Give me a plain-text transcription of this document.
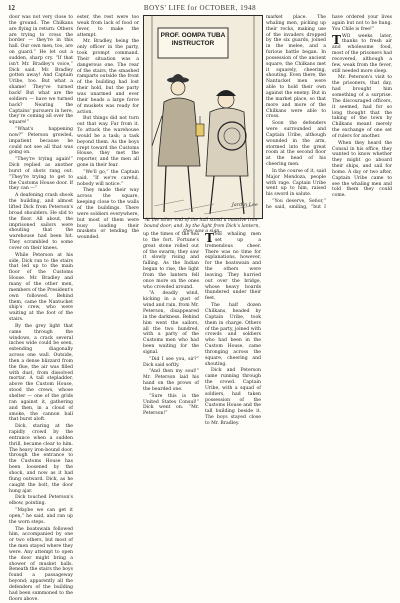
12	BOYS' LIFE for OCTOBER, 1948

door was not very close to the ground. The Chilkans are flying in return. Others are trying to cross the border — they're in this hall. Our own men, too, are on guard.” He let out a sudden, sharp cry. “If that isn't Mr. Bradley's voice,” Dick said. Mr. Bradley gotten away! And Captain Uribe, too. But what a shame! They've turned back! But what are the soldiers — have we turned back? Nearing the Captains' pursuers in here, they’re coming all over the square!”

“What's happening now?” Peterson growled, impatient because he could not see all that was going on.

“They're trying again!” Dick replied as another burst of shots rang out. “They're trying to get to the Customs House door. If they can —”

A deafening crash shook the building, and almost lifted Dick from Peterson's broad shoulders. He slid to the floor. All about, the imprisoned sailors were shouting that the warehouse had been hit. They scrambled to some cover on their knees.

While Peterson at his side, Dick ran to the stairs that led up to the main floor of the Customs House. Mr. Bradley and many of the other men, members of the President's own followed. Behind them, came the Nantucket ship's crew, who were waiting at the foot of the stairs.

By the grey light that came through the windows, a crack several inches wide could be seen, extending diagonally across one wall. Outside, then a dense blizzard from the flue, the air was filled with dust, from dissolved mortar. A tall stepladder, above the Custom House, stood the crews, whose shelter — one of the grids ran against it, gathering and then, in a cloud of smoke, the cannon ball that burst aloft.

Dick, staring at the rapidly crowd by the entrance when a sudden thrill, became clear to him. The heavy iron-bound door, through the entrance to the Customs House has been loosened by the shock, and now as it had flung outward. Dick, as he caught the bolt, the door hung ajar.

Dick touched Peterson's elbow, pointing.

“Maybe we can get it open,” he said, and ran up the worn steps.

The boatswain followed him, accompanied by one or two others, but most of the men stayed where they were. Any attempt to open the door might bring a shower of musket balls. Beneath the stairs the boys found a passageway beyond; apparently all the defenders of the building had been summoned to the floors above.

ester, the rest were too weak from lack of food or fever, to make the attempt.

Mr. Bradley, being the only officer in the party, took prompt command. Their situation was a dangerous one. The rear of the stairs, the smashed ramparts outside the front of the building had lost their hold, but the party was unarmed and ever their heads a large force of muskets was ready for action.

But things did not turn out that way. Far from it. To attack the warehouse would be a task; a task beyond them. As the boys crept toward the Customs House, they met the reporter, and the men all gone in their fear.

“We'll go,” the Captain said. “If we're careful, nobody will notice.”

They made their way across the square, keeping close to the walls of the buildings. There were soldiers everywhere, but most of them were busy loading their muskets or tending the wounded.

PROF. OOMPA TUBA INSTRUCTOR
Jardin Lee
At the other end of the hall stood a massive iron-bound door; and, by the light from Dick's lantern, they saw a sign.

up the times of the sea to the fort. Fortune's great stone rolled out of the swarm; they saw it slowly rising and falling. As the Indian began to rise, the light from the lantern fell once more on the ones who crowded around.

“A deadly wind, kicking in a gust of wind and rain, from Mr. Peterson, disappeared in the darkness. Behind him went the sailors, all the two hundred, with a party of the Customs men who had been waiting for the signal.

“Did I see you, sir?” Dick said softly.

“And then my soul!” Mr. Peterson laid his hand on the prows of the bearded one.

“Sure this is the United States Consul!” Dick went on. “Mr. Peterson!”

THE whaling men set up a tremendous cheer. There was no time for explanations, however, for the boatswain and the others were leaving. They hurried out over the bridge, whose heavy boards thundered under their feet.

The half dozen Chilkans, headed by Captain Uribe, took them in charge. Others of the party, joined with crowds and soldiers who had been in the Custom House, came thronging across the square, cheering and shouting.

Dick and Peterson came running through the crowd. Captain Uribe, with a squad of soldiers, had taken possession of the Customs House and the tall building beside it. The boys stayed close to Mr. Bradley.

market place. The whaling men, picking up their rocks, making use of the invaders dropped by the six guards, joined in the melee, and a furious battle began. In possession of the ancient square, the Chilkans met it squarely, cheering, shouting. Even there, the Nantucket men were able to hold their own against the enemy. But in the market place, so that more and more of the Chilkans were able to cross.

Soon the defenders were surrounded and Captain Uribe, although wounded in the arm, stormed into the great room at the second floor at the head of his cheering men.

In the course of it, said Major Mendoza, people with rage. Captain Uribe went up to him, raised his sword in salute.

“You deserve, Señor,” he said, smiling, “but I have ordered your lives again but not to be hung. You Chile is free!”

TWO weeks later, thanks to fresh air and wholesome food, most of the prisoners had recovered, although a few, weak from the fever, still needed more sleep.

Mr. Peterson's visit to the prisoners, that day, had brought him something of a surprise. The discouraged officers, it seemed, had for so long thought that the taking of the town by Chilkans meant merely the exchange of one set of rulers for another.

When they heard the Consul in his office, they wanted to know whether they might go aboard their ships, and sail for home. A day or two after, Captain Uribe came to see the whaling men and told them they could come.
